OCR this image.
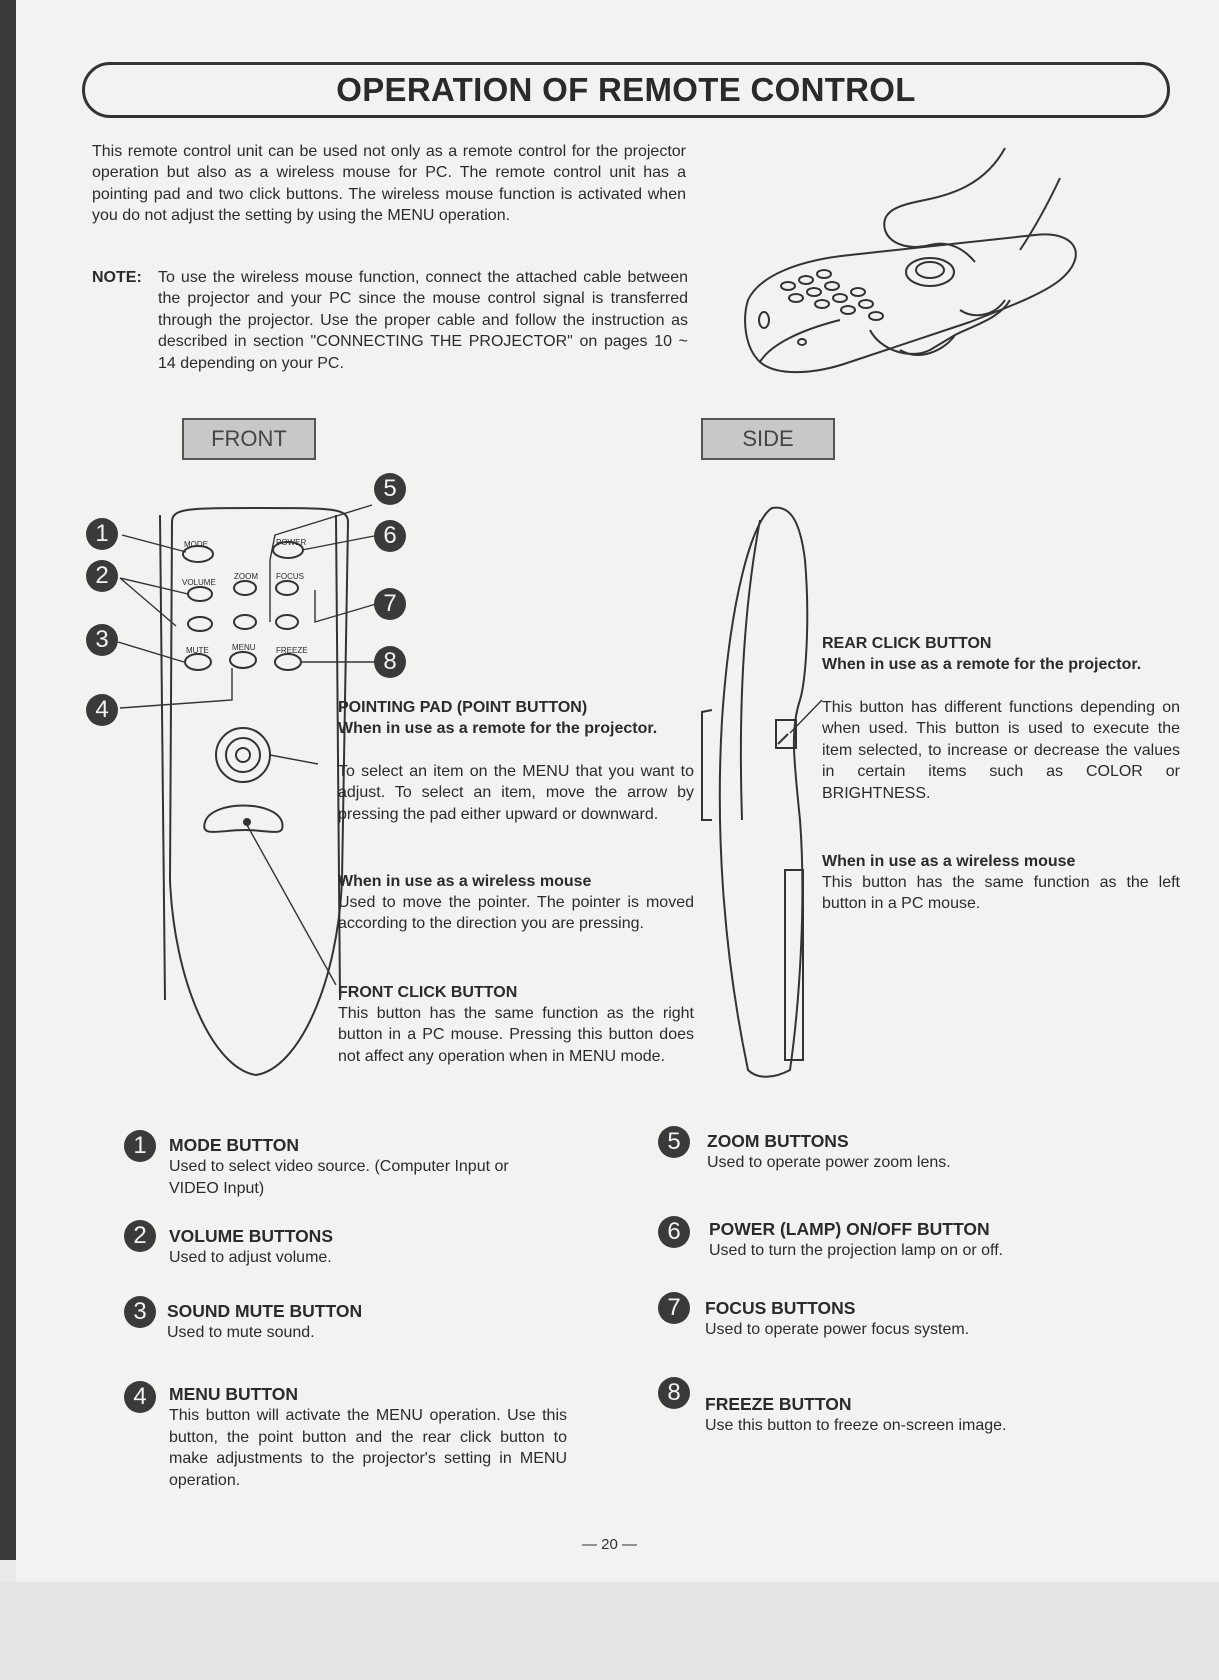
OPERATION OF REMOTE CONTROL
This remote control unit can be used not only as a remote control for the projector operation but also as a wireless mouse for PC. The remote control unit has a pointing pad and two click buttons. The wireless mouse function is activated when you do not adjust the setting by using the MENU operation.
NOTE: To use the wireless mouse function, connect the attached cable between the projector and your PC since the mouse control signal is transferred through the projector. Use the proper cable and follow the instruction as described in section "CONNECTING THE PROJECTOR" on pages 10 ~ 14 depending on your PC.
MODE
VOLUME
ZOOM FOCUS
POWER
MUTE	MENU	FREEZE
FRONT	SIDE
1
2
3
4
5
6
7
8
POINTING PAD (POINT BUTTON)
When in use as a remote for the projector.
To select an item on the MENU that you want to adjust. To select an item, move the arrow by pressing the pad either upward or downward.
When in use as a wireless mouse
Used to move the pointer. The pointer is moved according to the direction you are pressing.
FRONT CLICK BUTTON
This button has the same function as the right button in a PC mouse. Pressing this button does not affect any operation when in MENU mode.
REAR CLICK BUTTON
When in use as a remote for the projector.
This button has different functions depending on when used. This button is used to execute the item selected, to increase or decrease the values in certain items such as COLOR or BRIGHTNESS.
When in use as a wireless mouse
This button has the same function as the left button in a PC mouse.
1	MODE BUTTON
Used to select video source. (Computer Input or VIDEO Input)
2	VOLUME BUTTONS
Used to adjust volume.
3	SOUND MUTE BUTTON
Used to mute sound.
4	MENU BUTTON
This button will activate the MENU operation. Use this button, the point button and the rear click button to make adjustments to the projector's setting in MENU operation.
5	ZOOM BUTTONS
Used to operate power zoom lens.
6	POWER (LAMP) ON/OFF BUTTON
Used to turn the projection lamp on or off.
7	FOCUS BUTTONS
Used to operate power focus system.
8	FREEZE BUTTON
Use this button to freeze on-screen image.
— 20 —
